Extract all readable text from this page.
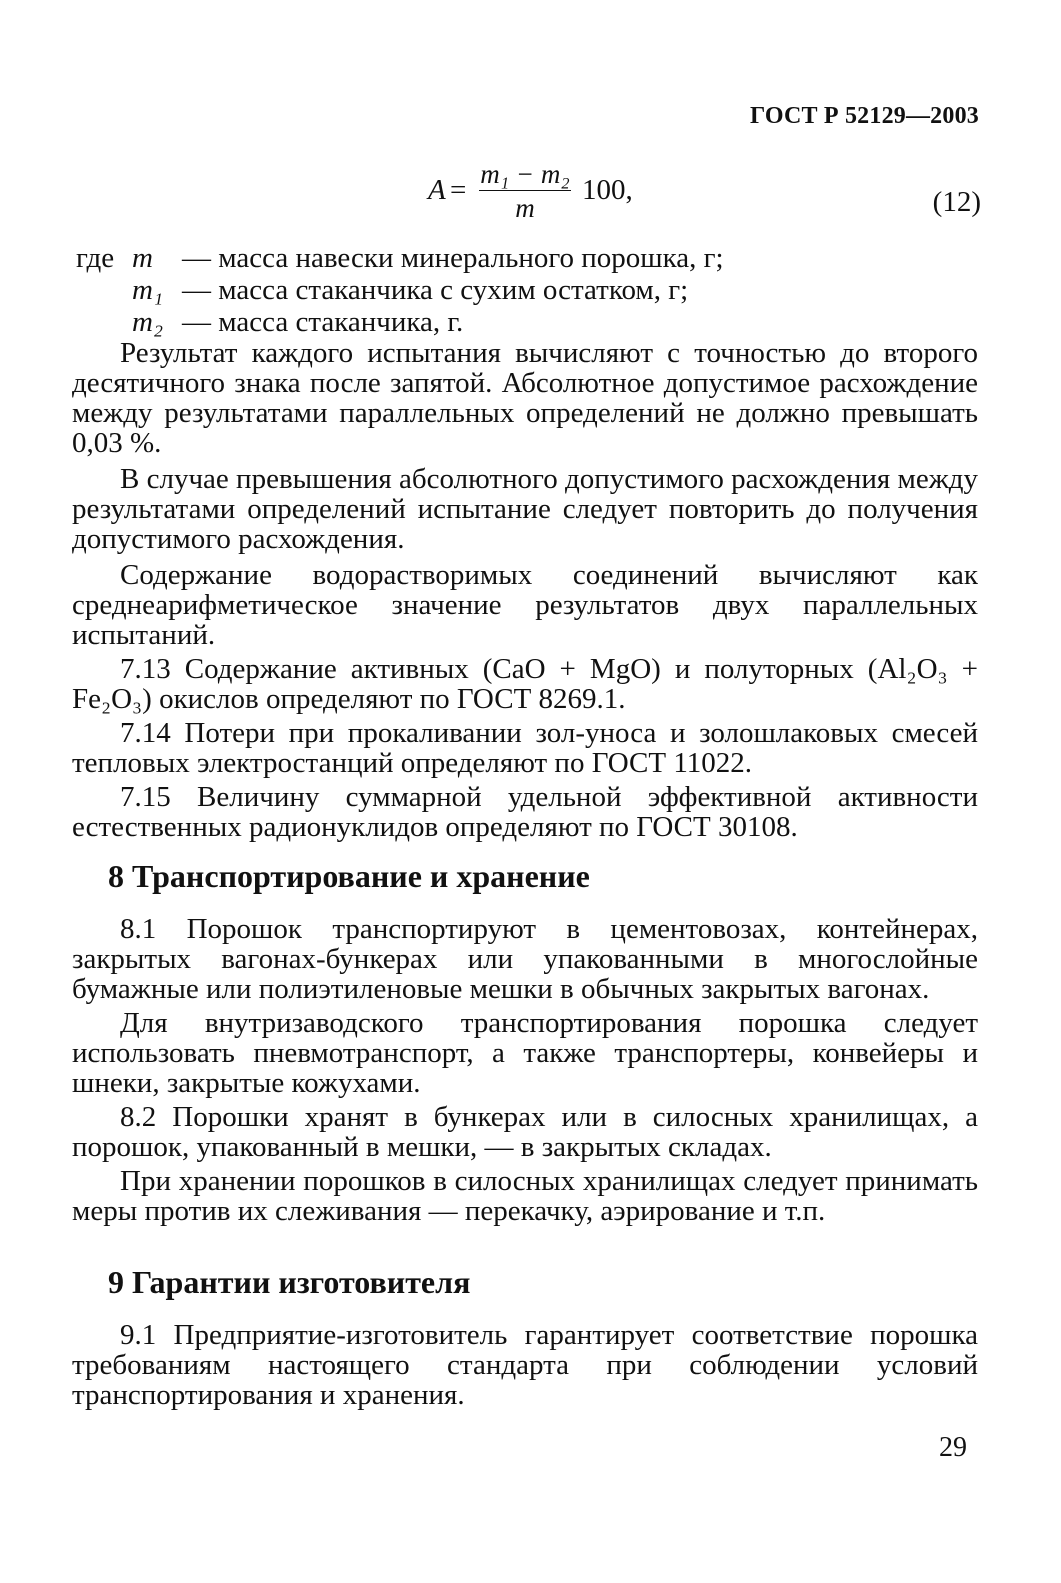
ГОСТ Р 52129—2003
A = m₁ − m₂
m
100,	(12)
где m — масса навески минерального порошка, г;
m₁ — масса стаканчика с сухим остатком, г;
m₂ — масса стаканчика, г.

Результат каждого испытания вычисляют с точностью до второго десятичного знака после запятой. Абсолютное допустимое расхождение между результатами параллельных определений не должно превышать 0,03 %.

В случае превышения абсолютного допустимого расхождения между результатами определений испытание следует повторить до получения допустимого расхождения.

Содержание водорастворимых соединений вычисляют как среднеарифметическое значение результатов двух параллельных испытаний.

7.13 Содержание активных (CaO + MgO) и полуторных (Al₂O₃ + Fe₂O₃) окислов определяют по ГОСТ 8269.1.

7.14 Потери при прокаливании зол-уноса и золошлаковых смесей тепловых электростанций определяют по ГОСТ 11022.

7.15 Величину суммарной удельной эффективной активности естественных радионуклидов определяют по ГОСТ 30108.

8 Транспортирование и хранение

8.1 Порошок транспортируют в цементовозах, контейнерах, закрытых вагонах-бункерах или упакованными в многослойные бумажные или полиэтиленовые мешки в обычных закрытых вагонах.

Для внутризаводского транспортирования порошка следует использовать пневмотранспорт, а также транспортеры, конвейеры и шнеки, закрытые кожухами.

8.2 Порошки хранят в бункерах или в силосных хранилищах, а порошок, упакованный в мешки, — в закрытых складах.

При хранении порошков в силосных хранилищах следует принимать меры против их слеживания — перекачку, аэрирование и т.п.

9 Гарантии изготовителя

9.1 Предприятие-изготовитель гарантирует соответствие порошка требованиям настоящего стандарта при соблюдении условий транспортирования и хранения.

29
